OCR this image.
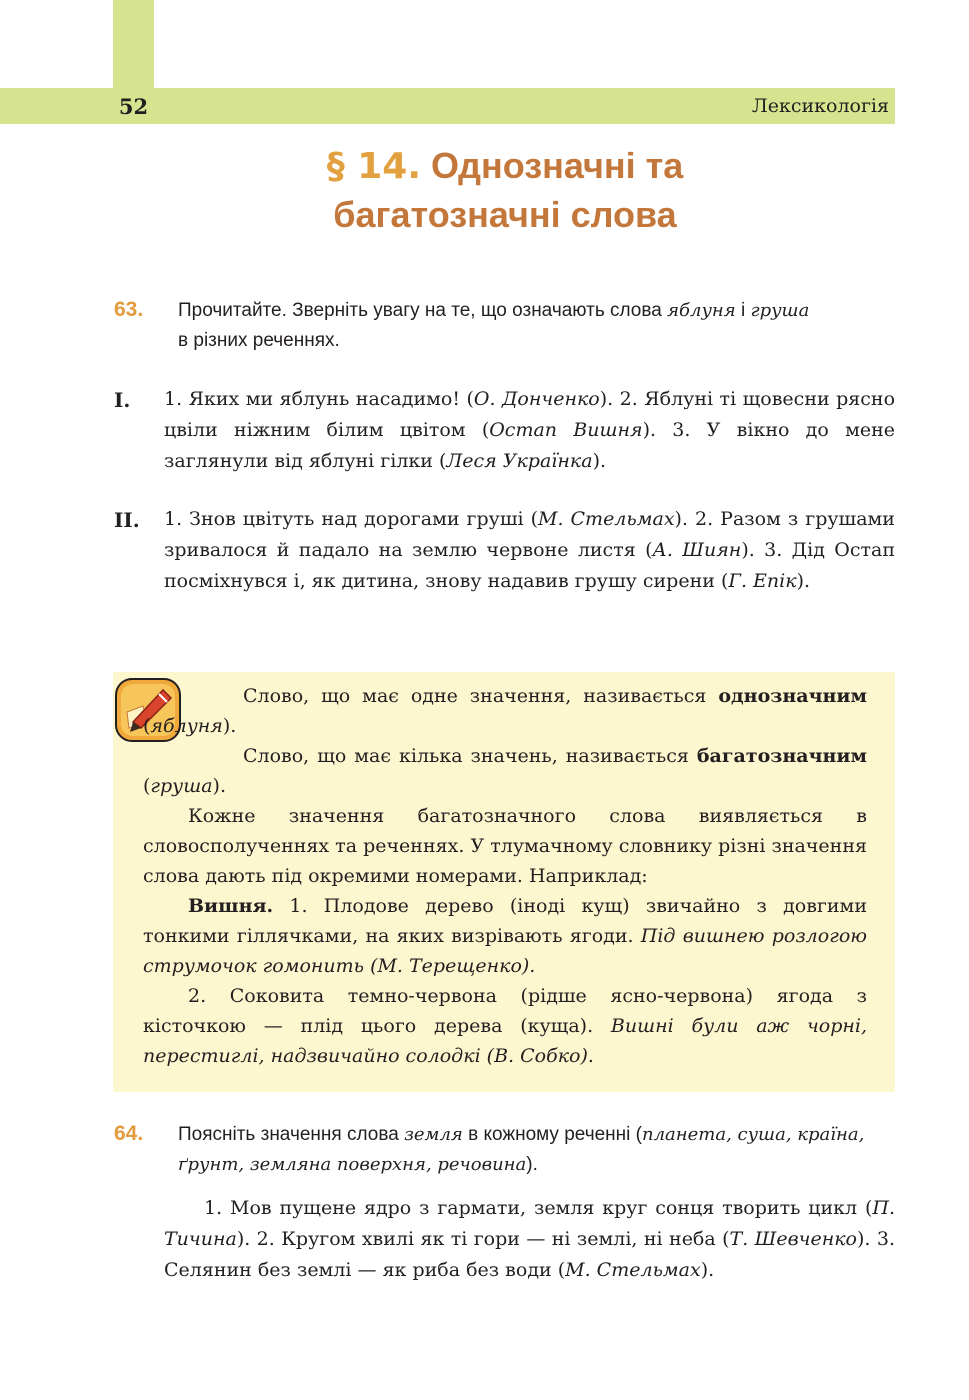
52	Лексикологія
§ 14. Однозначні та
багатозначні слова
63. Прочитайте. Зверніть увагу на те, що означають слова яблуня і груша
в різних реченнях.
I. 1. Яких ми яблунь насадимо! (О. Донченко). 2. Яблуні ті щовесни рясно цвіли ніжним білим цвітом (Остап Вишня). 3. У вікно до мене заглянули від яблуні гілки (Леся Українка).
II. 1. Знов цвітуть над дорогами груші (М. Стельмах). 2. Разом з грушами зривалося й падало на землю червоне листя (А. Шиян). 3. Дід Остап посміхнувся і, як дитина, знову надавив грушу сирени (Г. Епік).

Слово, що має одне значення, називається однозначним (яблуня).

Слово, що має кілька значень, називається багатозначним (груша).

Кожне значення багатозначного слова виявляється в словосполученнях та реченнях. У тлумачному словнику різні значення слова дають під окремими номерами. Наприклад:

Вишня. 1. Плодове дерево (іноді кущ) звичайно з довгими тонкими гіллячками, на яких визрівають ягоди. Під вишнею розлогою струмочок гомонить (М. Терещенко).

2. Соковита темно-червона (рідше ясно-червона) ягода з кісточкою — плід цього дерева (куща). Вишні були аж чорні, перестиглі, надзвичайно солодкі (В. Собко).

64. Поясніть значення слова земля в кожному реченні (планета, суша, країна, ґрунт, земляна поверхня, речовина).

1. Мов пущене ядро з гармати, земля круг сонця творить цикл (П. Тичина). 2. Кругом хвилі як ті гори — ні землі, ні неба (Т. Шевченко). 3. Селянин без землі — як риба без води (М. Стельмах).
